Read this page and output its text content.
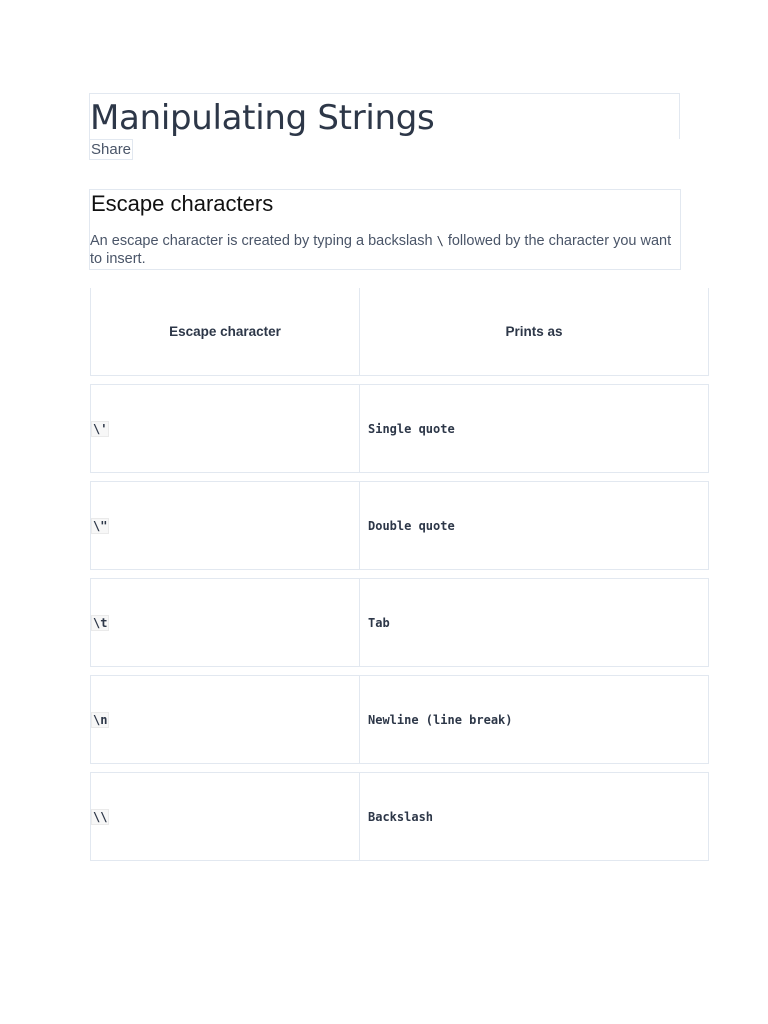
Manipulating Strings
Share
Escape characters

An escape character is created by typing a backslash \ followed by the character you want to insert.

Escape character	Prints as

\'	Single quote

\"	Double quote

\t	Tab

\n	Newline (line break)

\\	Backslash
